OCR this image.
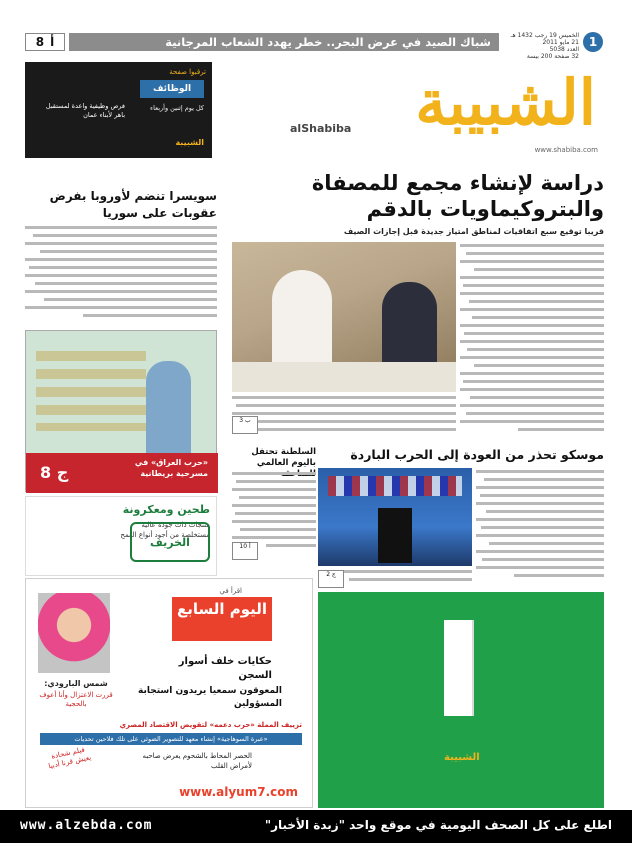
8 أ	شباك الصيد في عرض البحر.. خطر يهدد الشعاب المرجانية	الخميس 19 رجب 1432 هـ
21 مايو 2011
العدد 5038
32 صفحة 200 بيسة
1
ترقبوا صفحة
الوظائف
كل يوم إثنين وأربعاء
فرص وظيفية واعدة لمستقبل باهر لأبناء عمان
الشبيبة
الشبيبة
alShabiba
www.shabiba.com
دراسة لإنشاء مجمع للمصفاة
والبتروكيماويات بالدقم
قريبا توقيع سبع اتفاقيات لمناطق امتياز جديدة قبل إجازات الصيف
سويسرا تنضم لأوروبا بفرض عقوبات على سوريا
«حرب العراق» في مسرحية بريطانية
8 ج
طحين ومعكرونة
منتجات ذات جودة عالية
مستخلصة من أجود أنواع القمح
الخريف
السلطنة تحتفل باليوم العالمي
موسكو تحذر من العودة إلى الحرب الباردة
ب 3
10 أ
ج 2
الشبيبة
اقرأ في
اليوم السابع
حكايات خلف أسوار السجن
المعوقون سمعيا يريدون استجابة المسؤولين
شمس البارودي:
قررت الاعتزال وأنا أعوف بالحجية
تزييف المملة «حرب دعمه» لتقويض الاقتصاد المصري
«عبرة السوهاجية» إنشاء معهد للتصوير الضوئي على تلك فلاحين تحديات
الحصر المحاط بالشحوم يعرض صاحبه لأمراض القلب
فيلم شحادة يعيش قرنا أدبيا
www.alyum7.com
www.alzebda.com	اطلع على كل الصحف اليومية في موقع واحد "زبدة الأخبار"
